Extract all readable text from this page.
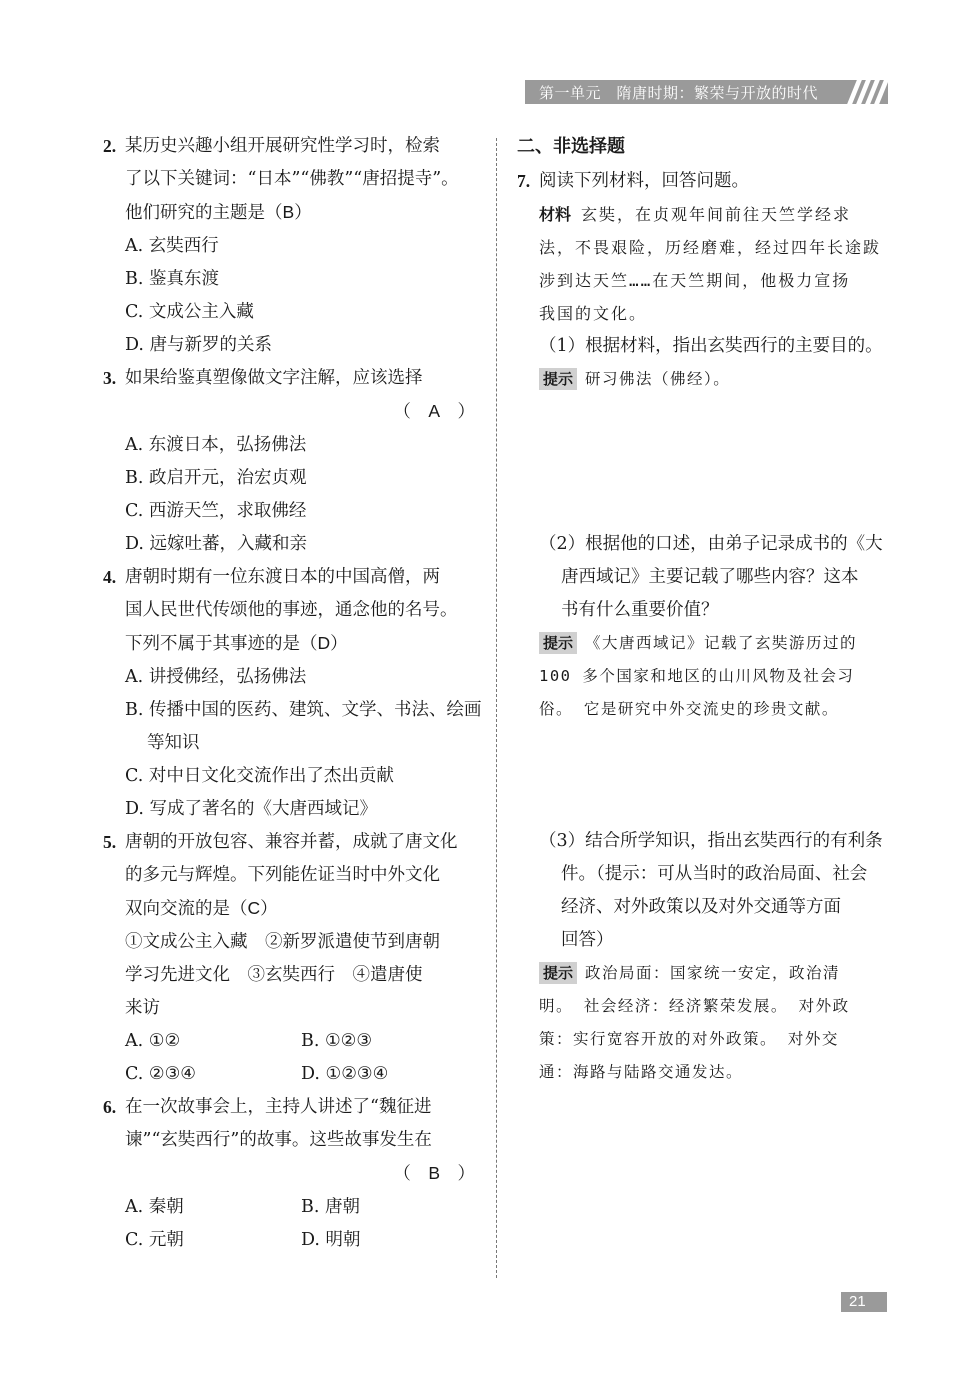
第一单元　隋唐时期：繁荣与开放的时代
2. 某历史兴趣小组开展研究性学习时，检索
了以下关键词：“日本”“佛教”“唐招提寺”。
他们研究的主题是（B）
A. 玄奘西行
B. 鉴真东渡
C. 文成公主入藏
D. 唐与新罗的关系
3. 如果给鉴真塑像做文字注解，应该选择
（　A　）
A. 东渡日本，弘扬佛法
B. 政启开元，治宏贞观
C. 西游天竺，求取佛经
D. 远嫁吐蕃，入藏和亲
4. 唐朝时期有一位东渡日本的中国高僧，两
国人民世代传颂他的事迹，通念他的名号。
下列不属于其事迹的是（D）
A. 讲授佛经，弘扬佛法
B. 传播中国的医药、建筑、文学、书法、绘画
等知识
C. 对中日文化交流作出了杰出贡献
D. 写成了著名的《大唐西域记》
5. 唐朝的开放包容、兼容并蓄，成就了唐文化
的多元与辉煌。下列能佐证当时中外文化
双向交流的是（C）
①文成公主入藏　②新罗派遣使节到唐朝
学习先进文化　③玄奘西行　④遣唐使
来访
A. ①②	B. ①②③
C. ②③④	D. ①②③④
6. 在一次故事会上，主持人讲述了“魏征进
谏”“玄奘西行”的故事。这些故事发生在
（　B　）
A. 秦朝	B. 唐朝
C. 元朝	D. 明朝
二、非选择题
7. 阅读下列材料，回答问题。
材料 玄奘，在贞观年间前往天竺学经求
法，不畏艰险，历经磨难，经过四年长途跋
涉到达天竺……在天竺期间，他极力宣扬
我国的文化。
（1）根据材料，指出玄奘西行的主要目的。
提示 研习佛法（佛经）。
（2）根据他的口述，由弟子记录成书的《大
唐西域记》主要记载了哪些内容？这本
书有什么重要价值？
提示 《大唐西域记》记载了玄奘游历过的
100 多个国家和地区的山川风物及社会习
俗。 它是研究中外交流史的珍贵文献。
（3）结合所学知识，指出玄奘西行的有利条
件。（提示：可从当时的政治局面、社会
经济、对外政策以及对外交通等方面
回答）
提示 政治局面：国家统一安定，政治清
明。 社会经济：经济繁荣发展。 对外政
策：实行宽容开放的对外政策。 对外交
通：海路与陆路交通发达。
21
